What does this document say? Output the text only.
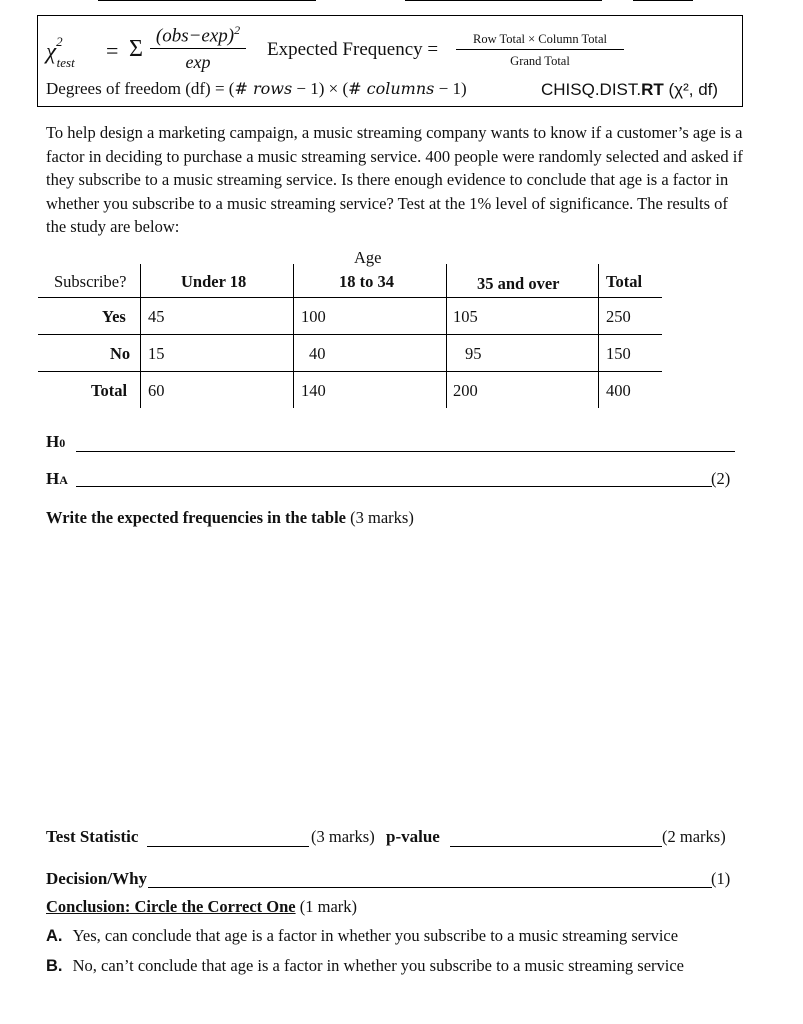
$\chi^2_{test} = \Sigma$
$(obs-\exp)^2$
exp
Expected Frequency =	Row Total × Column Total
Grand Total
Degrees of freedom (df) = (# rows − 1) × (# columns − 1)	CHISQ.DIST.RT (χ², df)

To help design a marketing campaign, a music streaming company wants to know if a customer’s age is a factor in deciding to purchase a music streaming service. 400 people were randomly selected and asked if they subscribe to a music streaming service. Is there enough evidence to conclude that age is a factor in whether you subscribe to a music streaming service? Test at the 1% level of significance. The results of the study are below:

Age
Subscribe?	Under 18	18 to 34	35 and over	Total
Yes 45	100	105	250
No 15	40	95	150
Total 60	140	200	400
H0
HA	(2)
Write the expected frequencies in the table (3 marks)
Test Statistic	(3 marks) p-value	(2 marks)
Decision/Why	(1)
Conclusion: Circle the Correct One (1 mark)
A. Yes, can conclude that age is a factor in whether you subscribe to a music streaming service
B. No, can’t conclude that age is a factor in whether you subscribe to a music streaming service
